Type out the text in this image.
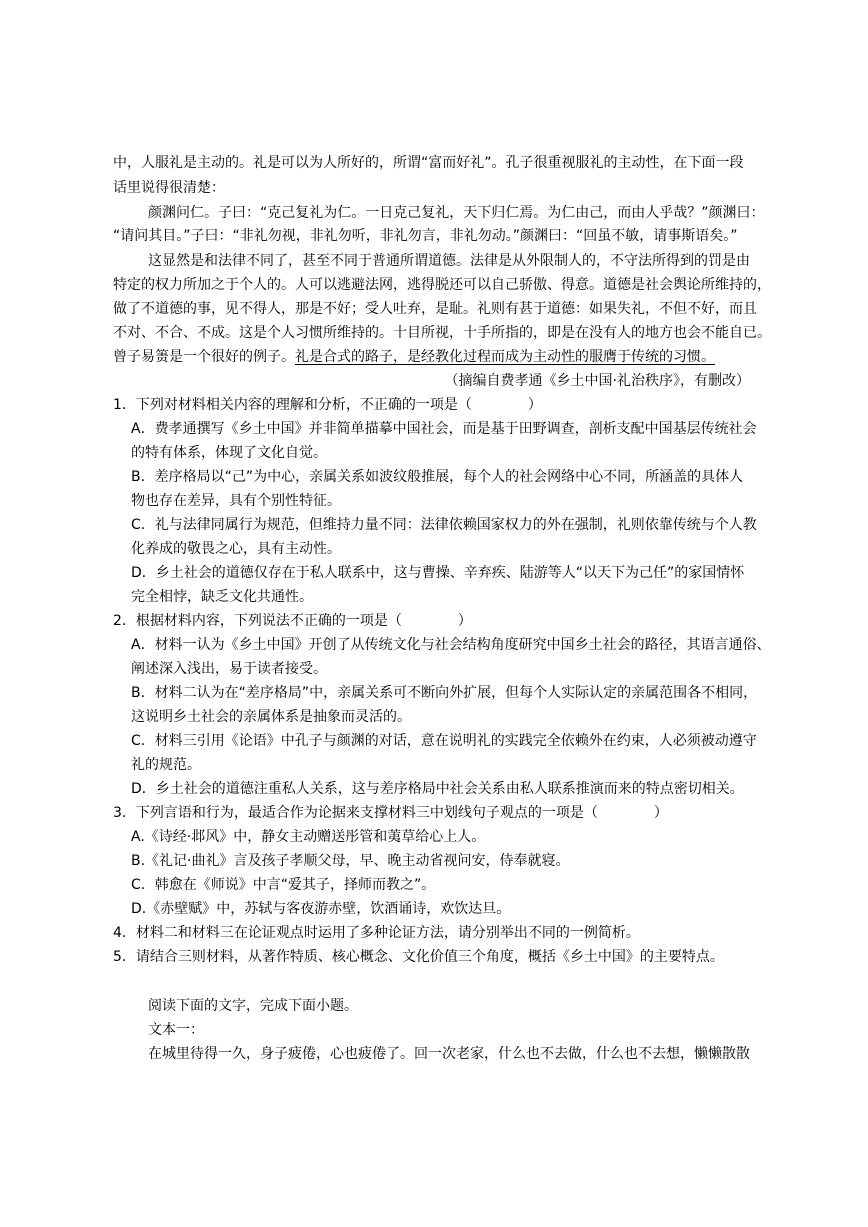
中，人服礼是主动的。礼是可以为人所好的，所谓“富而好礼”。孔子很重视服礼的主动性，在下面一段
话里说得很清楚：
颜渊问仁。子曰：“克己复礼为仁。一日克己复礼，天下归仁焉。为仁由己，而由人乎哉？”颜渊曰：
“请问其目。”子曰：“非礼勿视，非礼勿听，非礼勿言，非礼勿动。”颜渊曰：“回虽不敏，请事斯语矣。”
这显然是和法律不同了，甚至不同于普通所谓道德。法律是从外限制人的，不守法所得到的罚是由
特定的权力所加之于个人的。人可以逃避法网，逃得脱还可以自己骄傲、得意。道德是社会舆论所维持的，
做了不道德的事，见不得人，那是不好；受人吐弃，是耻。礼则有甚于道德：如果失礼，不但不好，而且
不对、不合、不成。这是个人习惯所维持的。十目所视，十手所指的，即是在没有人的地方也会不能自已。
曾子易箦是一个很好的例子。礼是合式的路子，是经教化过程而成为主动性的服膺于传统的习惯。
（摘编自费孝通《乡土中国·礼治秩序》，有删改）
1．下列对材料相关内容的理解和分析，不正确的一项是（　　　　）
A．费孝通撰写《乡土中国》并非简单描摹中国社会，而是基于田野调查，剖析支配中国基层传统社会
的特有体系，体现了文化自觉。
B．差序格局以“己”为中心，亲属关系如波纹般推展，每个人的社会网络中心不同，所涵盖的具体人
物也存在差异，具有个别性特征。
C．礼与法律同属行为规范，但维持力量不同：法律依赖国家权力的外在强制，礼则依靠传统与个人教
化养成的敬畏之心，具有主动性。
D．乡土社会的道德仅存在于私人联系中，这与曹操、辛弃疾、陆游等人“以天下为己任”的家国情怀
完全相悖，缺乏文化共通性。
2．根据材料内容，下列说法不正确的一项是（　　　　）
A．材料一认为《乡土中国》开创了从传统文化与社会结构角度研究中国乡土社会的路径，其语言通俗、
阐述深入浅出，易于读者接受。
B．材料二认为在“差序格局”中，亲属关系可不断向外扩展，但每个人实际认定的亲属范围各不相同，
这说明乡土社会的亲属体系是抽象而灵活的。
C．材料三引用《论语》中孔子与颜渊的对话，意在说明礼的实践完全依赖外在约束，人必须被动遵守
礼的规范。
D．乡土社会的道德注重私人关系，这与差序格局中社会关系由私人联系推演而来的特点密切相关。
3．下列言语和行为，最适合作为论据来支撑材料三中划线句子观点的一项是（　　　　）
A.《诗经·邶风》中，静女主动赠送彤管和荑草给心上人。
B.《礼记·曲礼》言及孩子孝顺父母，早、晚主动省视问安，侍奉就寝。
C．韩愈在《师说》中言“爱其子，择师而教之”。
D.《赤壁赋》中，苏轼与客夜游赤壁，饮酒诵诗，欢饮达旦。
4．材料二和材料三在论证观点时运用了多种论证方法，请分别举出不同的一例简析。
5．请结合三则材料，从著作特质、核心概念、文化价值三个角度，概括《乡土中国》的主要特点。
阅读下面的文字，完成下面小题。
文本一：
在城里待得一久，身子疲倦，心也疲倦了。回一次老家，什么也不去做，什么也不去想，懒懒散散
